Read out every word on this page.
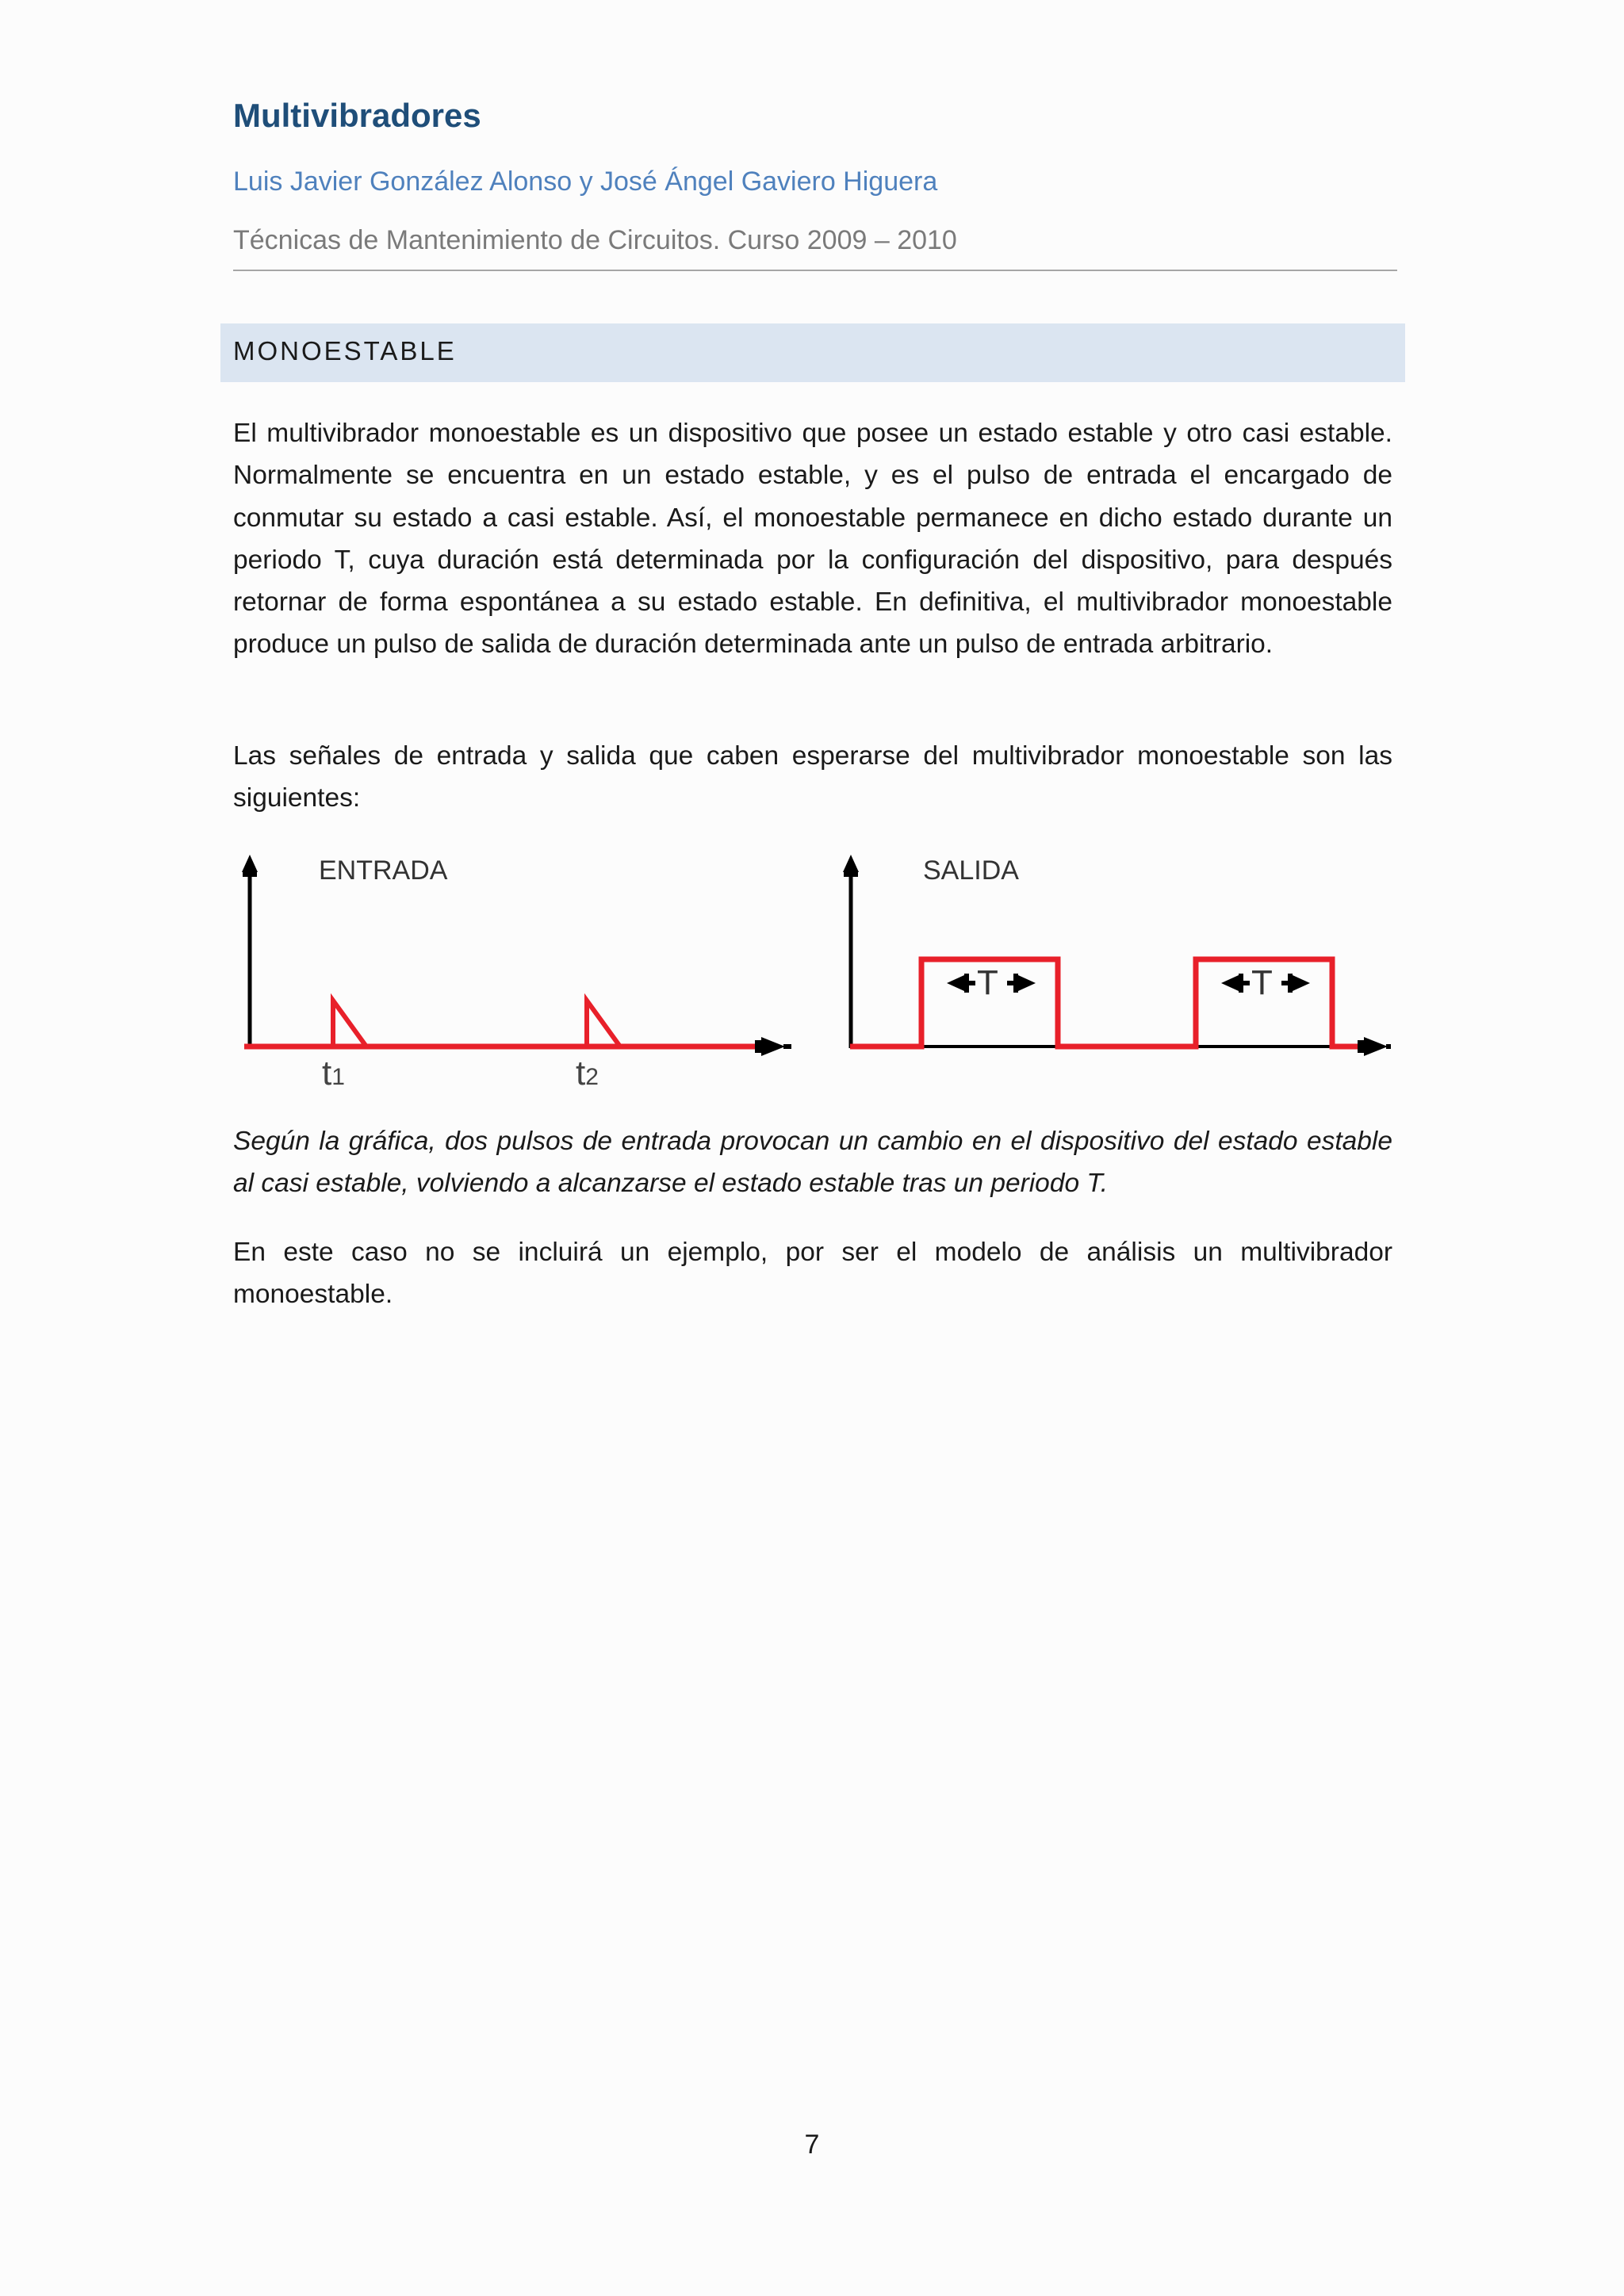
Multivibradores
Luis Javier González Alonso y José Ángel Gaviero Higuera
Técnicas de Mantenimiento de Circuitos. Curso 2009 – 2010
MONOESTABLE

El multivibrador monoestable es un dispositivo que posee un estado estable y otro casi estable. Normalmente se encuentra en un estado estable, y es el pulso de entrada el encargado de conmutar su estado a casi estable. Así, el monoestable permanece en dicho estado durante un periodo T, cuya duración está determinada por la configuración del dispositivo, para después retornar de forma espontánea a su estado estable. En definitiva, el multivibrador monoestable produce un pulso de salida de duración determinada ante un pulso de entrada arbitrario.

Las señales de entrada y salida que caben esperarse del multivibrador monoestable son las siguientes:

ENTRADA
t1	t2
T	T
SALIDA

Según la gráfica, dos pulsos de entrada provocan un cambio en el dispositivo del estado estable al casi estable, volviendo a alcanzarse el estado estable tras un periodo T.

En este caso no se incluirá un ejemplo, por ser el modelo de análisis un multivibrador monoestable.

7
